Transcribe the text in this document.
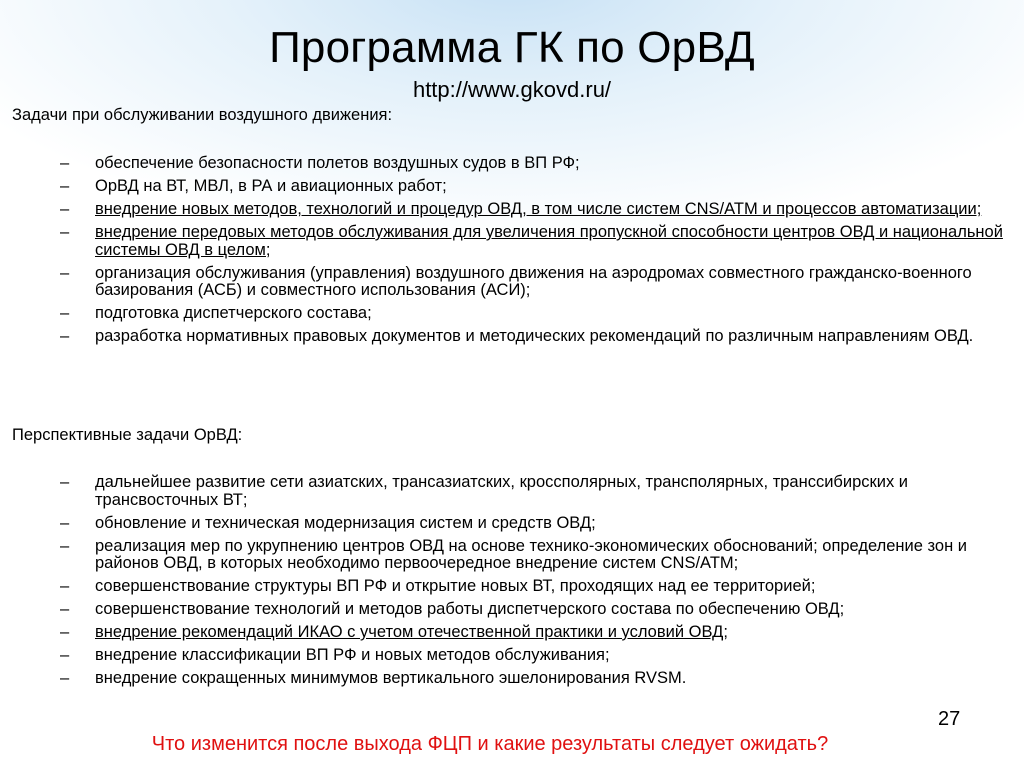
Программа ГК по ОрВД
http://www.gkovd.ru/
Задачи при обслуживании воздушного движения:
–	обеспечение безопасности полетов воздушных судов в ВП РФ;
–	ОрВД на ВТ, МВЛ, в РА и авиационных работ;
–	внедрение новых методов, технологий и процедур ОВД, в том числе систем CNS/ATM и процессов автоматизации;
–	внедрение передовых методов обслуживания для увеличения пропускной способности центров ОВД и национальной системы ОВД в целом;
–	организация обслуживания (управления) воздушного движения на аэродромах совместного гражданско-военного базирования (АСБ) и совместного использования (АСИ);
–	подготовка диспетчерского состава;
–	разработка нормативных правовых документов и методических рекомендаций по различным направлениям ОВД.
Перспективные задачи ОрВД:
–	дальнейшее развитие сети азиатских, трансазиатских, кроссполярных, трансполярных, транссибирских и трансвосточных ВТ;
–	обновление и техническая модернизация систем и средств ОВД;
–	реализация мер по укрупнению центров ОВД на основе технико-экономических обоснований; определение зон и районов ОВД, в которых необходимо первоочередное внедрение систем CNS/ATM;
–	совершенствование структуры ВП РФ и открытие новых ВТ, проходящих над ее территорией;
–	совершенствование технологий и методов работы диспетчерского состава по обеспечению ОВД;
–	внедрение рекомендаций ИКАО с учетом отечественной практики и условий ОВД;
–	внедрение классификации ВП РФ и новых методов обслуживания;
–	внедрение сокращенных минимумов вертикального эшелонирования RVSM.
27
Что изменится после выхода ФЦП и какие результаты следует ожидать?
